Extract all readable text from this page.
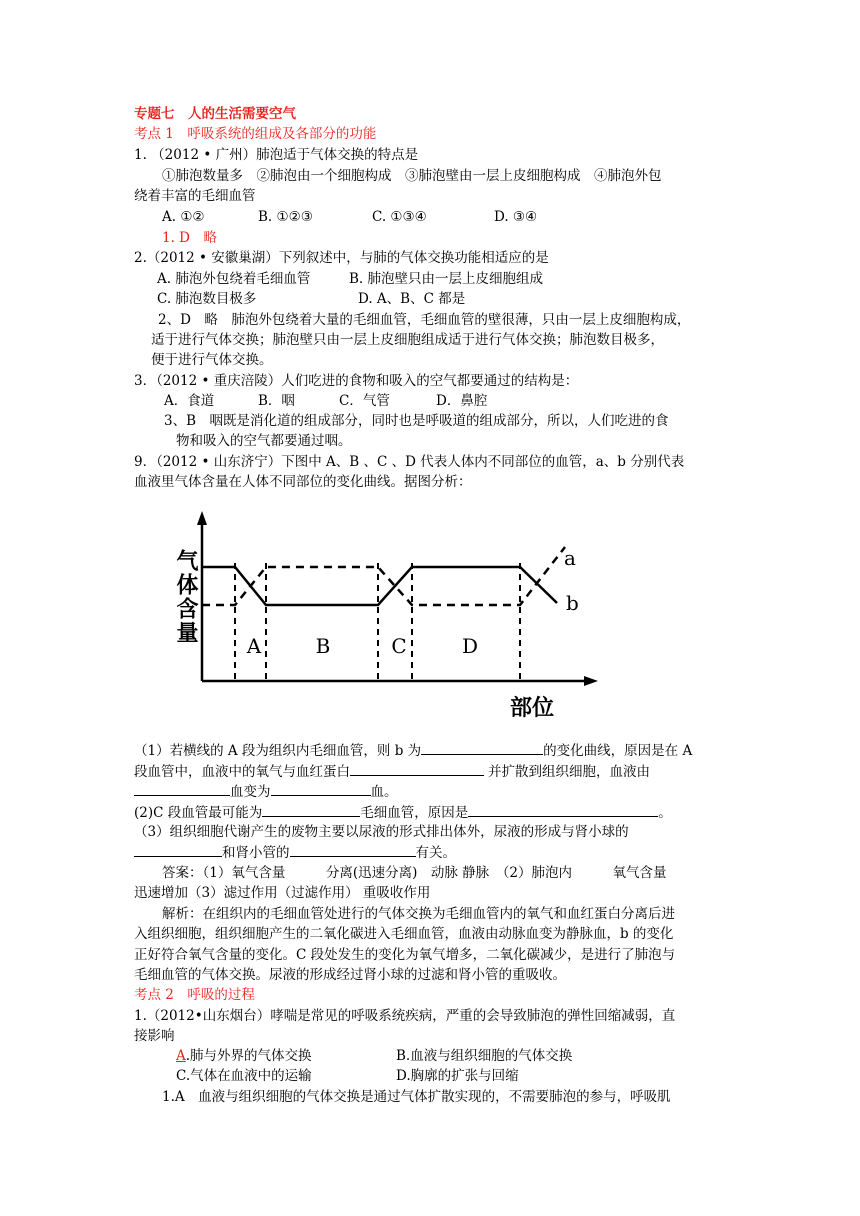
专题七　人的生活需要空气
考点 1　呼吸系统的组成及各部分的功能
1. （2012 • 广州）肺泡适于气体交换的特点是
①肺泡数量多　②肺泡由一个细胞构成　③肺泡壁由一层上皮细胞构成　④肺泡外包
绕着丰富的毛细血管
A. ①②	B. ①②③	C. ①③④	D. ③④
1. D　略
2.（2012 • 安徽巢湖）下列叙述中，与肺的气体交换功能相适应的是
A. 肺泡外包绕着毛细血管	B. 肺泡壁只由一层上皮细胞组成
C. 肺泡数目极多	D. A、B、C 都是
2、D　略　肺泡外包绕着大量的毛细血管，毛细血管的壁很薄，只由一层上皮细胞构成，
适于进行气体交换；肺泡壁只由一层上皮细胞组成适于进行气体交换；肺泡数目极多，
便于进行气体交换。
3．（2012 • 重庆涪陵）人们吃进的食物和吸入的空气都要通过的结构是：
A．食道	B．咽	C．气管	D．鼻腔
3、B　咽既是消化道的组成部分，同时也是呼吸道的组成部分，所以，人们吃进的食
物和吸入的空气都要通过咽。
9．（2012 • 山东济宁）下图中 A、B 、C 、D 代表人体内不同部位的血管，a、b 分别代表
血液里气体含量在人体不同部位的变化曲线。据图分析：
气体含量
部位
A	B	C	D
a
b
（1）若横线的 A 段为组织内毛细血管，则 b 为	的变化曲线，原因是在 A
段血管中，血液中的氧气与血红蛋白	并扩散到组织细胞，血液由
血变为	血。
(2)C 段血管最可能为	毛细血管，原因是	。
（3）组织细胞代谢产生的废物主要以尿液的形式排出体外，尿液的形成与肾小球的
和肾小管的	有关。
答案：（1）氧气含量　　　分离(迅速分离)　动脉 静脉　（2）肺泡内　　　氧气含量
迅速增加（3）滤过作用（过滤作用） 重吸收作用
解析：在组织内的毛细血管处进行的气体交换为毛细血管内的氧气和血红蛋白分离后进
入组织细胞，组织细胞产生的二氧化碳进入毛细血管，血液由动脉血变为静脉血，b 的变化
正好符合氧气含量的变化。C 段处发生的变化为氧气增多，二氧化碳减少，是进行了肺泡与
毛细血管的气体交换。尿液的形成经过肾小球的过滤和肾小管的重吸收。
考点 2　呼吸的过程
1.（2012•山东烟台）哮喘是常见的呼吸系统疾病，严重的会导致肺泡的弹性回缩减弱，直
接影响
A.肺与外界的气体交换	B.血液与组织细胞的气体交换
C.气体在血液中的运输	D.胸廓的扩张与回缩
1.A　血液与组织细胞的气体交换是通过气体扩散实现的，不需要肺泡的参与，呼吸肌
